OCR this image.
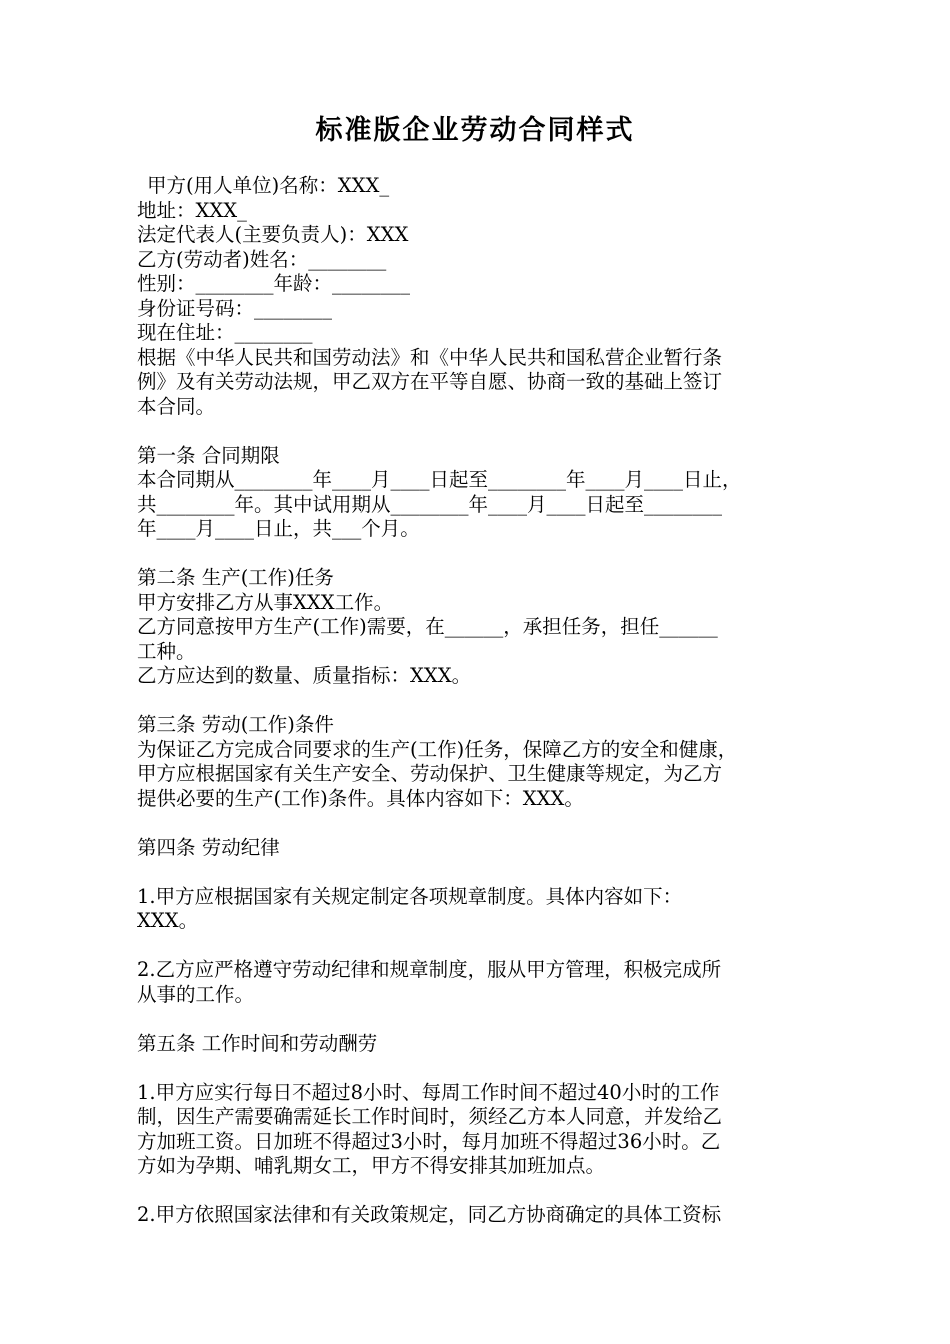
标准版企业劳动合同样式
甲方(用人单位)名称：XXX_
地址：XXX_
法定代表人(主要负责人)：XXX
乙方(劳动者)姓名：________
性别：________年龄：________
身份证号码：________
现在住址：________
根据《中华人民共和国劳动法》和《中华人民共和国私营企业暂行条
例》及有关劳动法规，甲乙双方在平等自愿、协商一致的基础上签订
本合同。
第一条 合同期限
本合同期从________年____月____日起至________年____月____日止，
共________年。其中试用期从________年____月____日起至________
年____月____日止，共___个月。
第二条 生产(工作)任务
甲方安排乙方从事XXX工作。
乙方同意按甲方生产(工作)需要，在______，承担任务，担任______
工种。
乙方应达到的数量、质量指标：XXX。
第三条 劳动(工作)条件
为保证乙方完成合同要求的生产(工作)任务，保障乙方的安全和健康，
甲方应根据国家有关生产安全、劳动保护、卫生健康等规定，为乙方
提供必要的生产(工作)条件。具体内容如下：XXX。
第四条 劳动纪律
1.甲方应根据国家有关规定制定各项规章制度。具体内容如下：
XXX。
2.乙方应严格遵守劳动纪律和规章制度，服从甲方管理，积极完成所
从事的工作。
第五条 工作时间和劳动酬劳
1.甲方应实行每日不超过8小时、每周工作时间不超过40小时的工作
制，因生产需要确需延长工作时间时，须经乙方本人同意，并发给乙
方加班工资。日加班不得超过3小时，每月加班不得超过36小时。乙
方如为孕期、哺乳期女工，甲方不得安排其加班加点。
2.甲方依照国家法律和有关政策规定，同乙方协商确定的具体工资标
